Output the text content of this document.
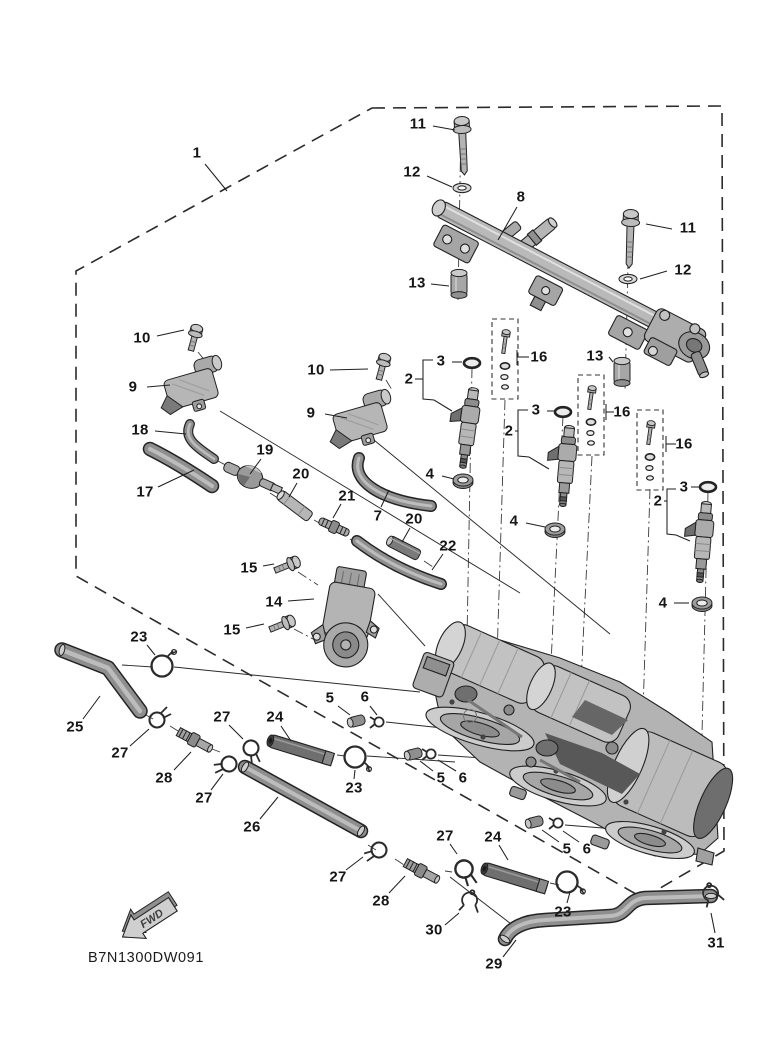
1
11
12
8
11
12
13
13
10
9
18
17
19
20
21
10
9
7 20
22
2
3	16
2
3	16
16
3
2
4
4
4
15
14
15
23
25
27
28
27 24
27
26
5 6
23
5 6
5 6
27
28
24
27
30
23
29
31
FWD
B7N1300DW091
